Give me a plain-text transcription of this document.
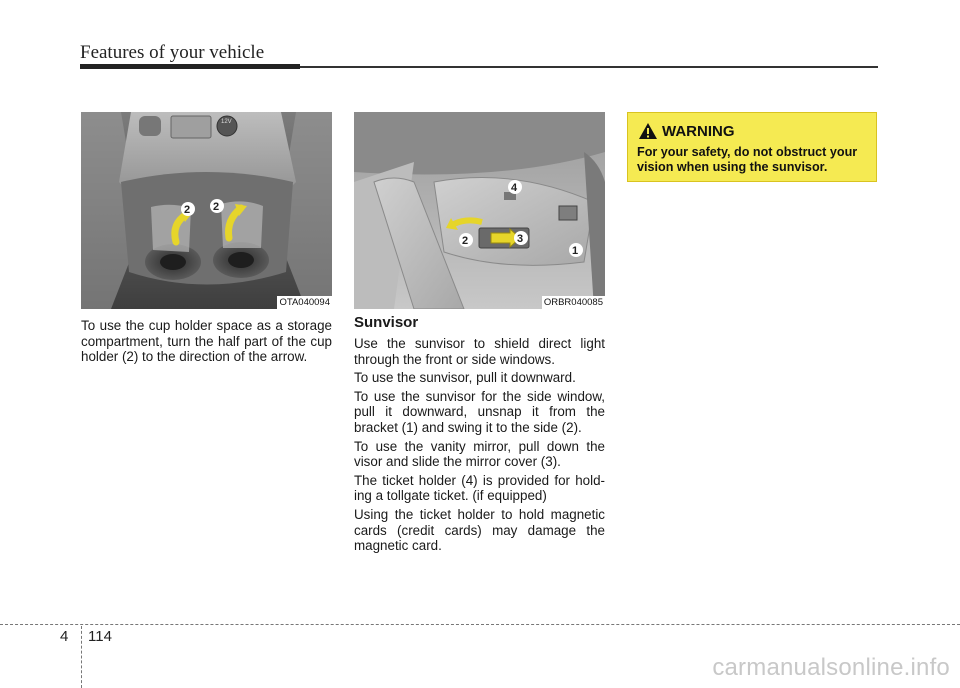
Features of your vehicle
12V
2 2
OTA040094
4
2	3
1
ORBR040085

To use the cup holder space as a storage compartment, turn the half part of the cup holder (2) to the direction of the arrow.

Sunvisor

Use the sunvisor to shield direct light through the front or side windows.

To use the sunvisor, pull it downward.

To use the sunvisor for the side window, pull it downward, unsnap it from the bracket (1) and swing it to the side (2).

To use the vanity mirror, pull down the visor and slide the mirror cover (3).

The ticket holder (4) is provided for hold-ing a tollgate ticket. (if equipped)

Using the ticket holder to hold magnetic cards (credit cards) may damage the magnetic card.

WARNING
For your safety, do not obstruct your vision when using the sunvisor.
4 114
carmanualsonline.info
